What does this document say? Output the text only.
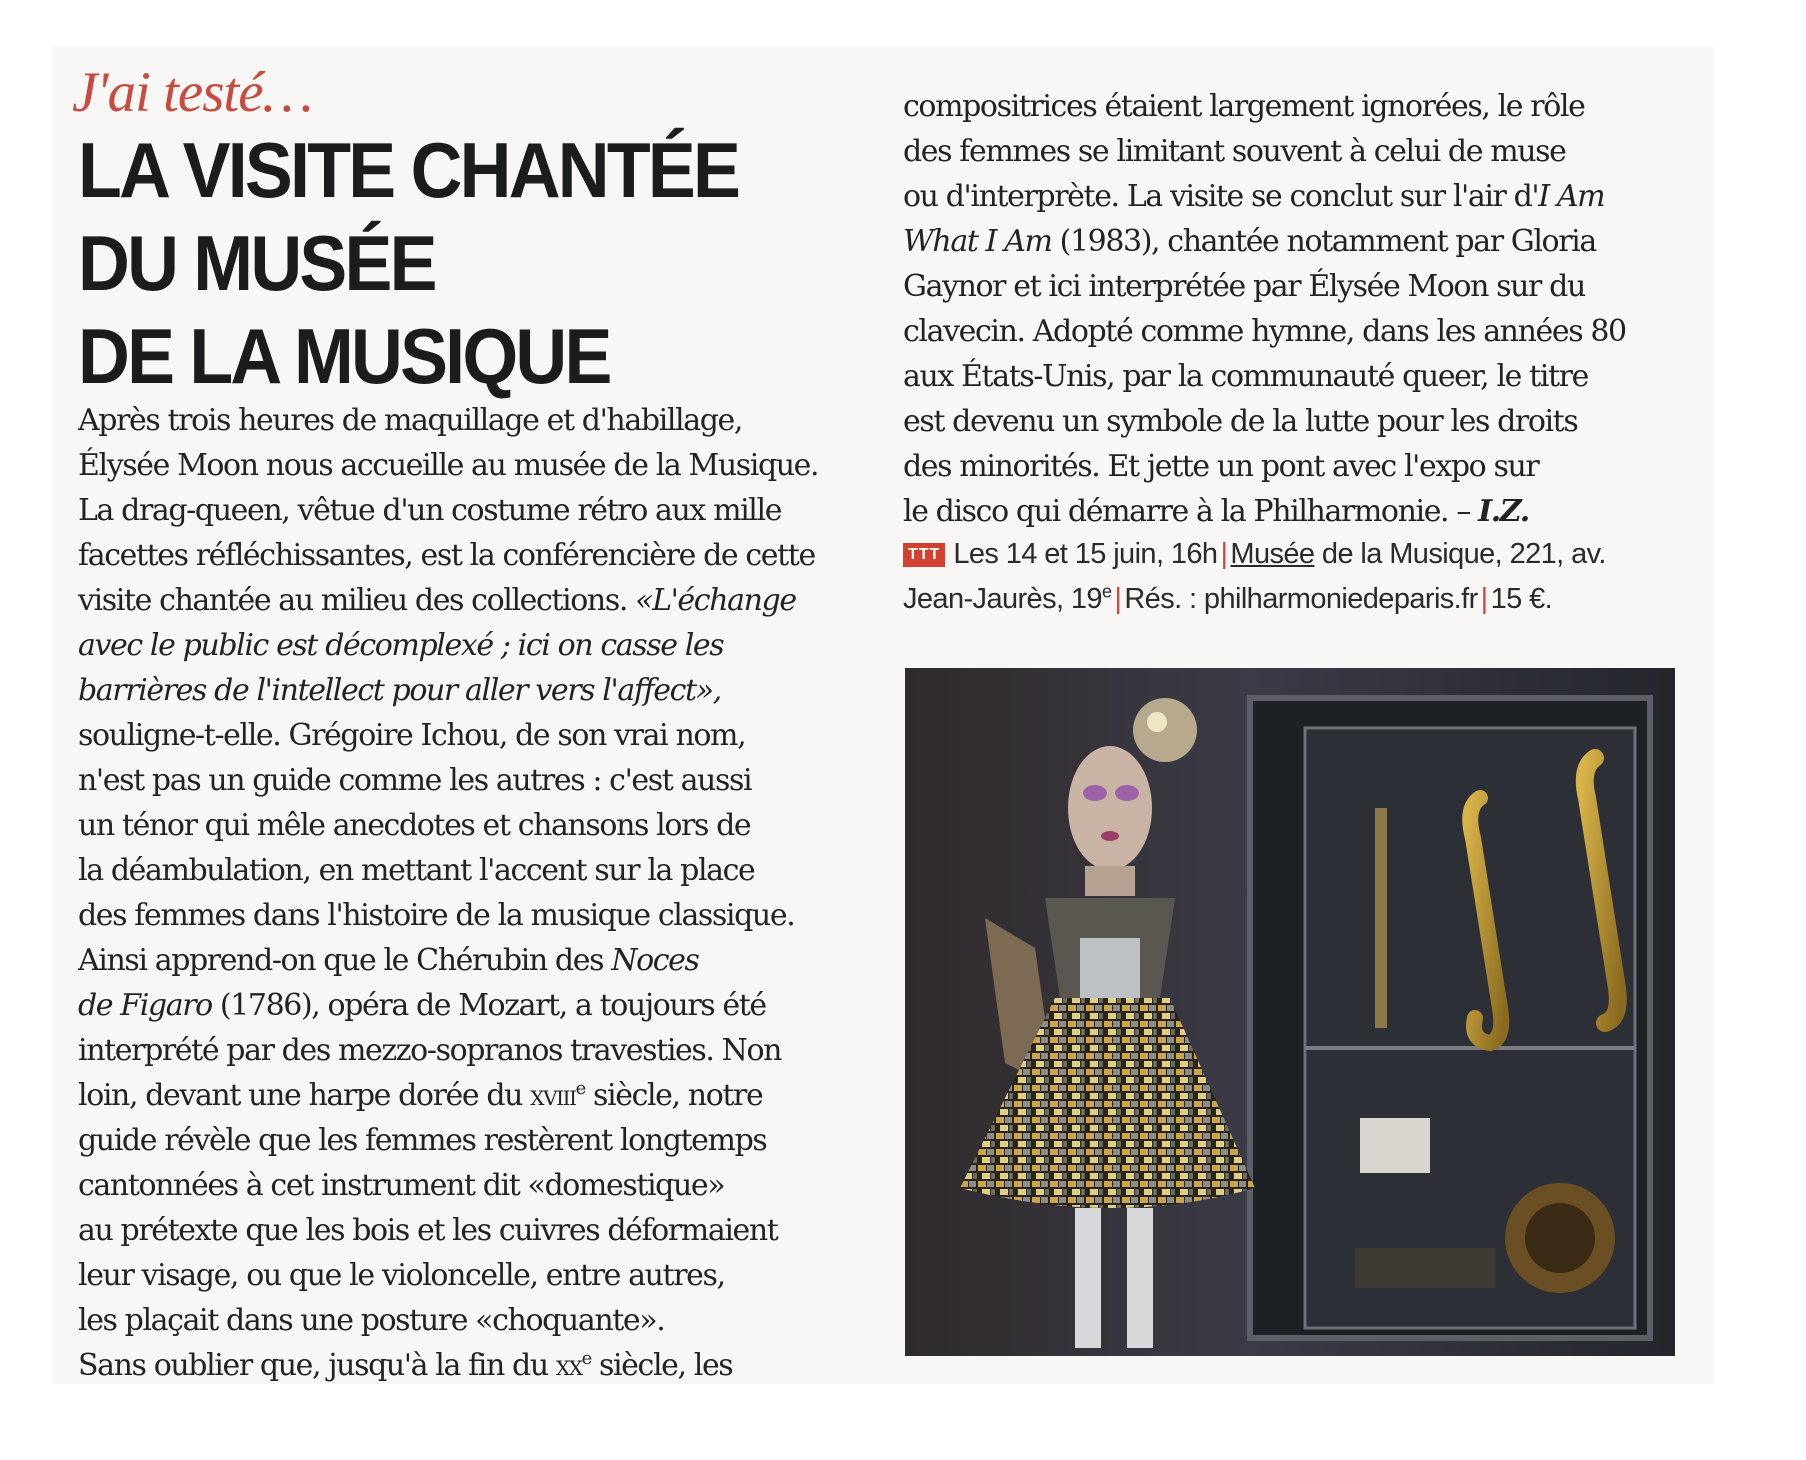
J'ai testé…

LA VISITE CHANTÉE
DU MUSÉE
DE LA MUSIQUE
Après trois heures de maquillage et d'habillage,
Élysée Moon nous accueille au musée de la Musique.
La drag-queen, vêtue d'un costume rétro aux mille
facettes réfléchissantes, est la conférencière de cette
visite chantée au milieu des collections. «L'échange
avec le public est décomplexé ; ici on casse les
barrières de l'intellect pour aller vers l'affect»,
souligne-t-elle. Grégoire Ichou, de son vrai nom,
n'est pas un guide comme les autres : c'est aussi
un ténor qui mêle anecdotes et chansons lors de
la déambulation, en mettant l'accent sur la place
des femmes dans l'histoire de la musique classique.
Ainsi apprend-on que le Chérubin des Noces
de Figaro (1786), opéra de Mozart, a toujours été
interprété par des mezzo-sopranos travesties. Non
loin, devant une harpe dorée du xviii$^e$ siècle, notre
guide révèle que les femmes restèrent longtemps
cantonnées à cet instrument dit «domestique»
au prétexte que les bois et les cuivres déformaient
leur visage, ou que le violoncelle, entre autres,
les plaçait dans une posture «choquante».
Sans oublier que, jusqu'à la fin du $xx^e$ siècle, les
compositrices étaient largement ignorées, le rôle
des femmes se limitant souvent à celui de muse
ou d'interprète. La visite se conclut sur l'air d'I Am
What I Am (1983), chantée notamment par Gloria
Gaynor et ici interprétée par Élysée Moon sur du
clavecin. Adopté comme hymne, dans les années 80
aux États-Unis, par la communauté queer, le titre
est devenu un symbole de la lutte pour les droits
des minorités. Et jette un pont avec l'expo sur
le disco qui démarre à la Philharmonie. – I.Z.
TTT Les 14 et 15 juin, 16h | Musée de la Musique, 221, av.
Jean-Jaurès, 19e | Rés. : philharmoniedeparis.fr | 15 €.
